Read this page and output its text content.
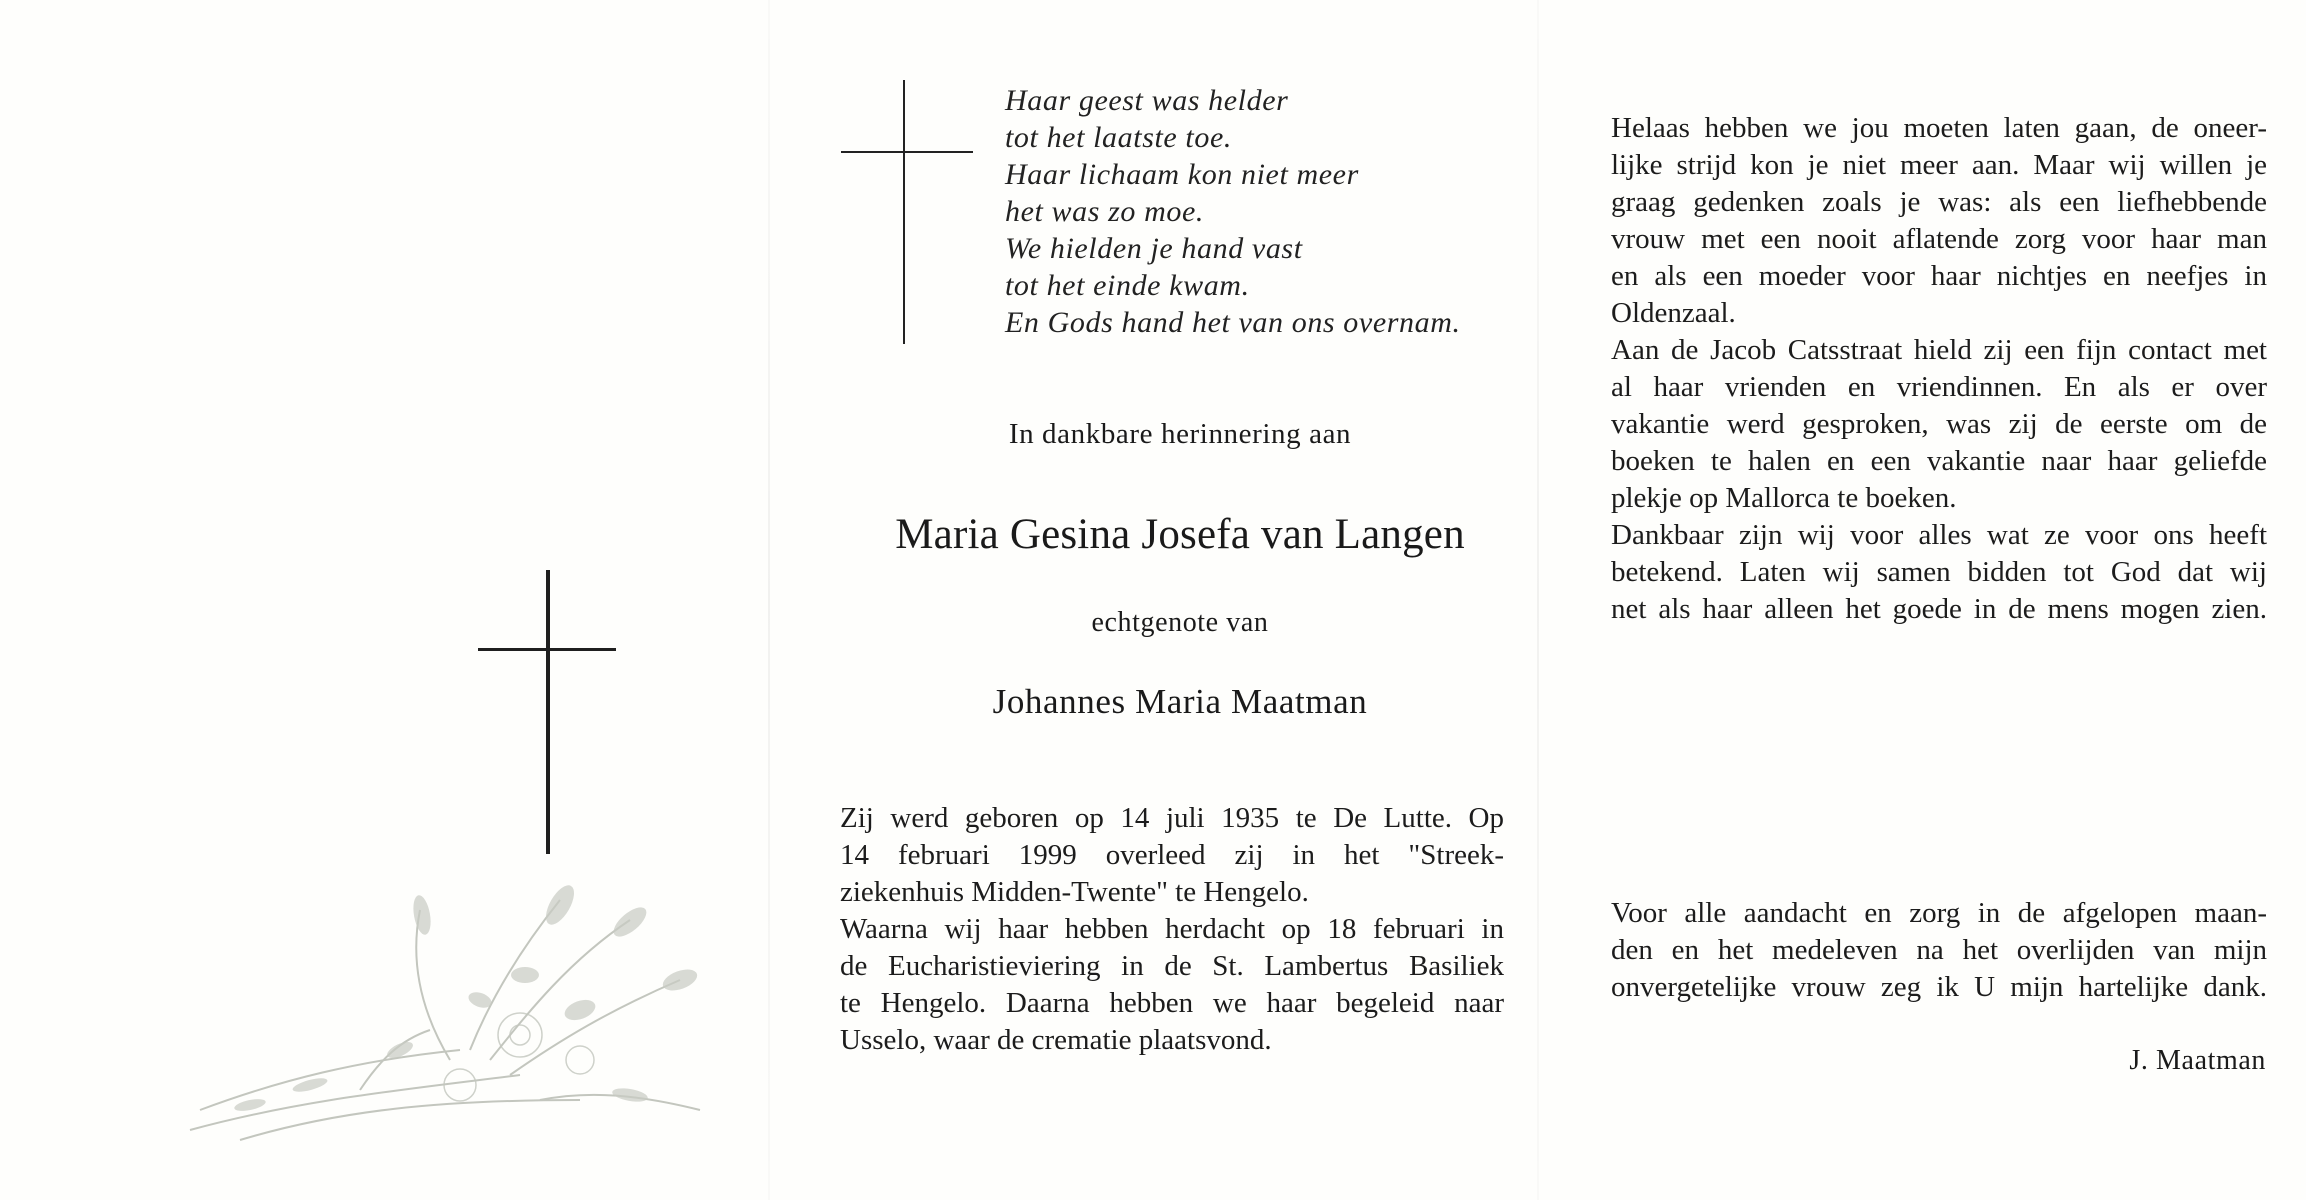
Haar geest was helder
tot het laatste toe.
Haar lichaam kon niet meer
het was zo moe.
We hielden je hand vast
tot het einde kwam.
En Gods hand het van ons overnam.
In dankbare herinnering aan
Maria Gesina Josefa van Langen
echtgenote van
Johannes Maria Maatman
Zij werd geboren op 14 juli 1935 te De Lutte. Op
14 februari 1999 overleed zij in het "Streek-
ziekenhuis Midden-Twente" te Hengelo.
Waarna wij haar hebben herdacht op 18 februari in
de Eucharistieviering in de St. Lambertus Basiliek
te Hengelo. Daarna hebben we haar begeleid naar
Usselo, waar de crematie plaatsvond.
Helaas hebben we jou moeten laten gaan, de oneer-
lijke strijd kon je niet meer aan. Maar wij willen je
graag gedenken zoals je was: als een liefhebbende
vrouw met een nooit aflatende zorg voor haar man
en als een moeder voor haar nichtjes en neefjes in
Oldenzaal.
Aan de Jacob Catsstraat hield zij een fijn contact met
al haar vrienden en vriendinnen. En als er over
vakantie werd gesproken, was zij de eerste om de
boeken te halen en een vakantie naar haar geliefde
plekje op Mallorca te boeken.
Dankbaar zijn wij voor alles wat ze voor ons heeft
betekend. Laten wij samen bidden tot God dat wij
net als haar alleen het goede in de mens mogen zien.
Voor alle aandacht en zorg in de afgelopen maan-
den en het medeleven na het overlijden van mijn
onvergetelijke vrouw zeg ik U mijn hartelijke dank.
J. Maatman
